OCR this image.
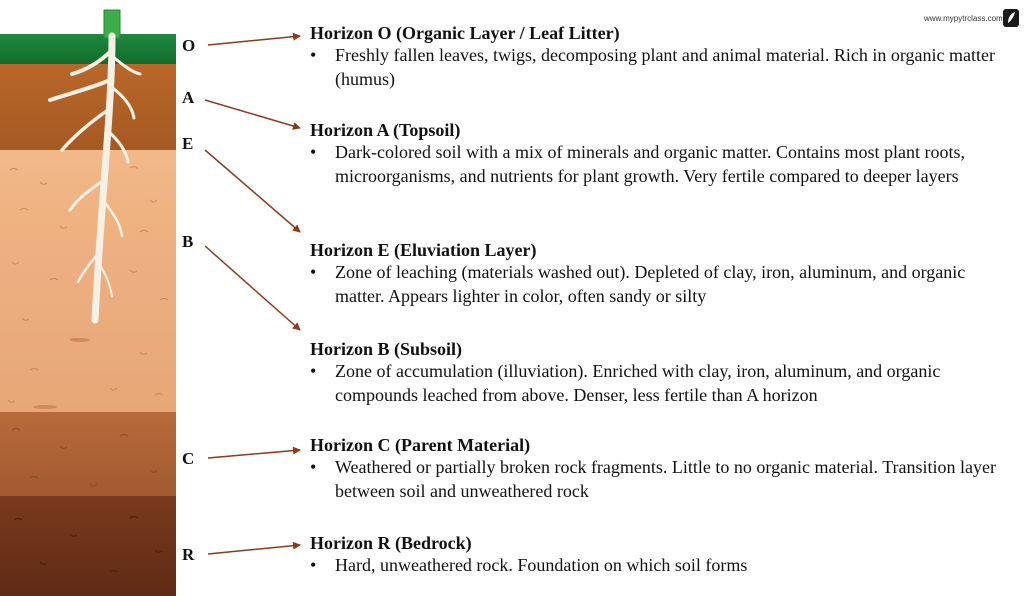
O
A
E
B
C
R
Horizon O (Organic Layer / Leaf Litter)
• Freshly fallen leaves, twigs, decomposing plant and animal material. Rich in organic matter (humus)
Horizon A (Topsoil)
• Dark-colored soil with a mix of minerals and organic matter. Contains most plant roots, microorganisms, and nutrients for plant growth. Very fertile compared to deeper layers
Horizon E (Eluviation Layer)
• Zone of leaching (materials washed out). Depleted of clay, iron, aluminum, and organic matter. Appears lighter in color, often sandy or silty
Horizon B (Subsoil)
• Zone of accumulation (illuviation). Enriched with clay, iron, aluminum, and organic compounds leached from above. Denser, less fertile than A horizon
Horizon C (Parent Material)
• Weathered or partially broken rock fragments. Little to no organic material. Transition layer between soil and unweathered rock
Horizon R (Bedrock)
• Hard, unweathered rock. Foundation on which soil forms
www.mypytrclass.com
